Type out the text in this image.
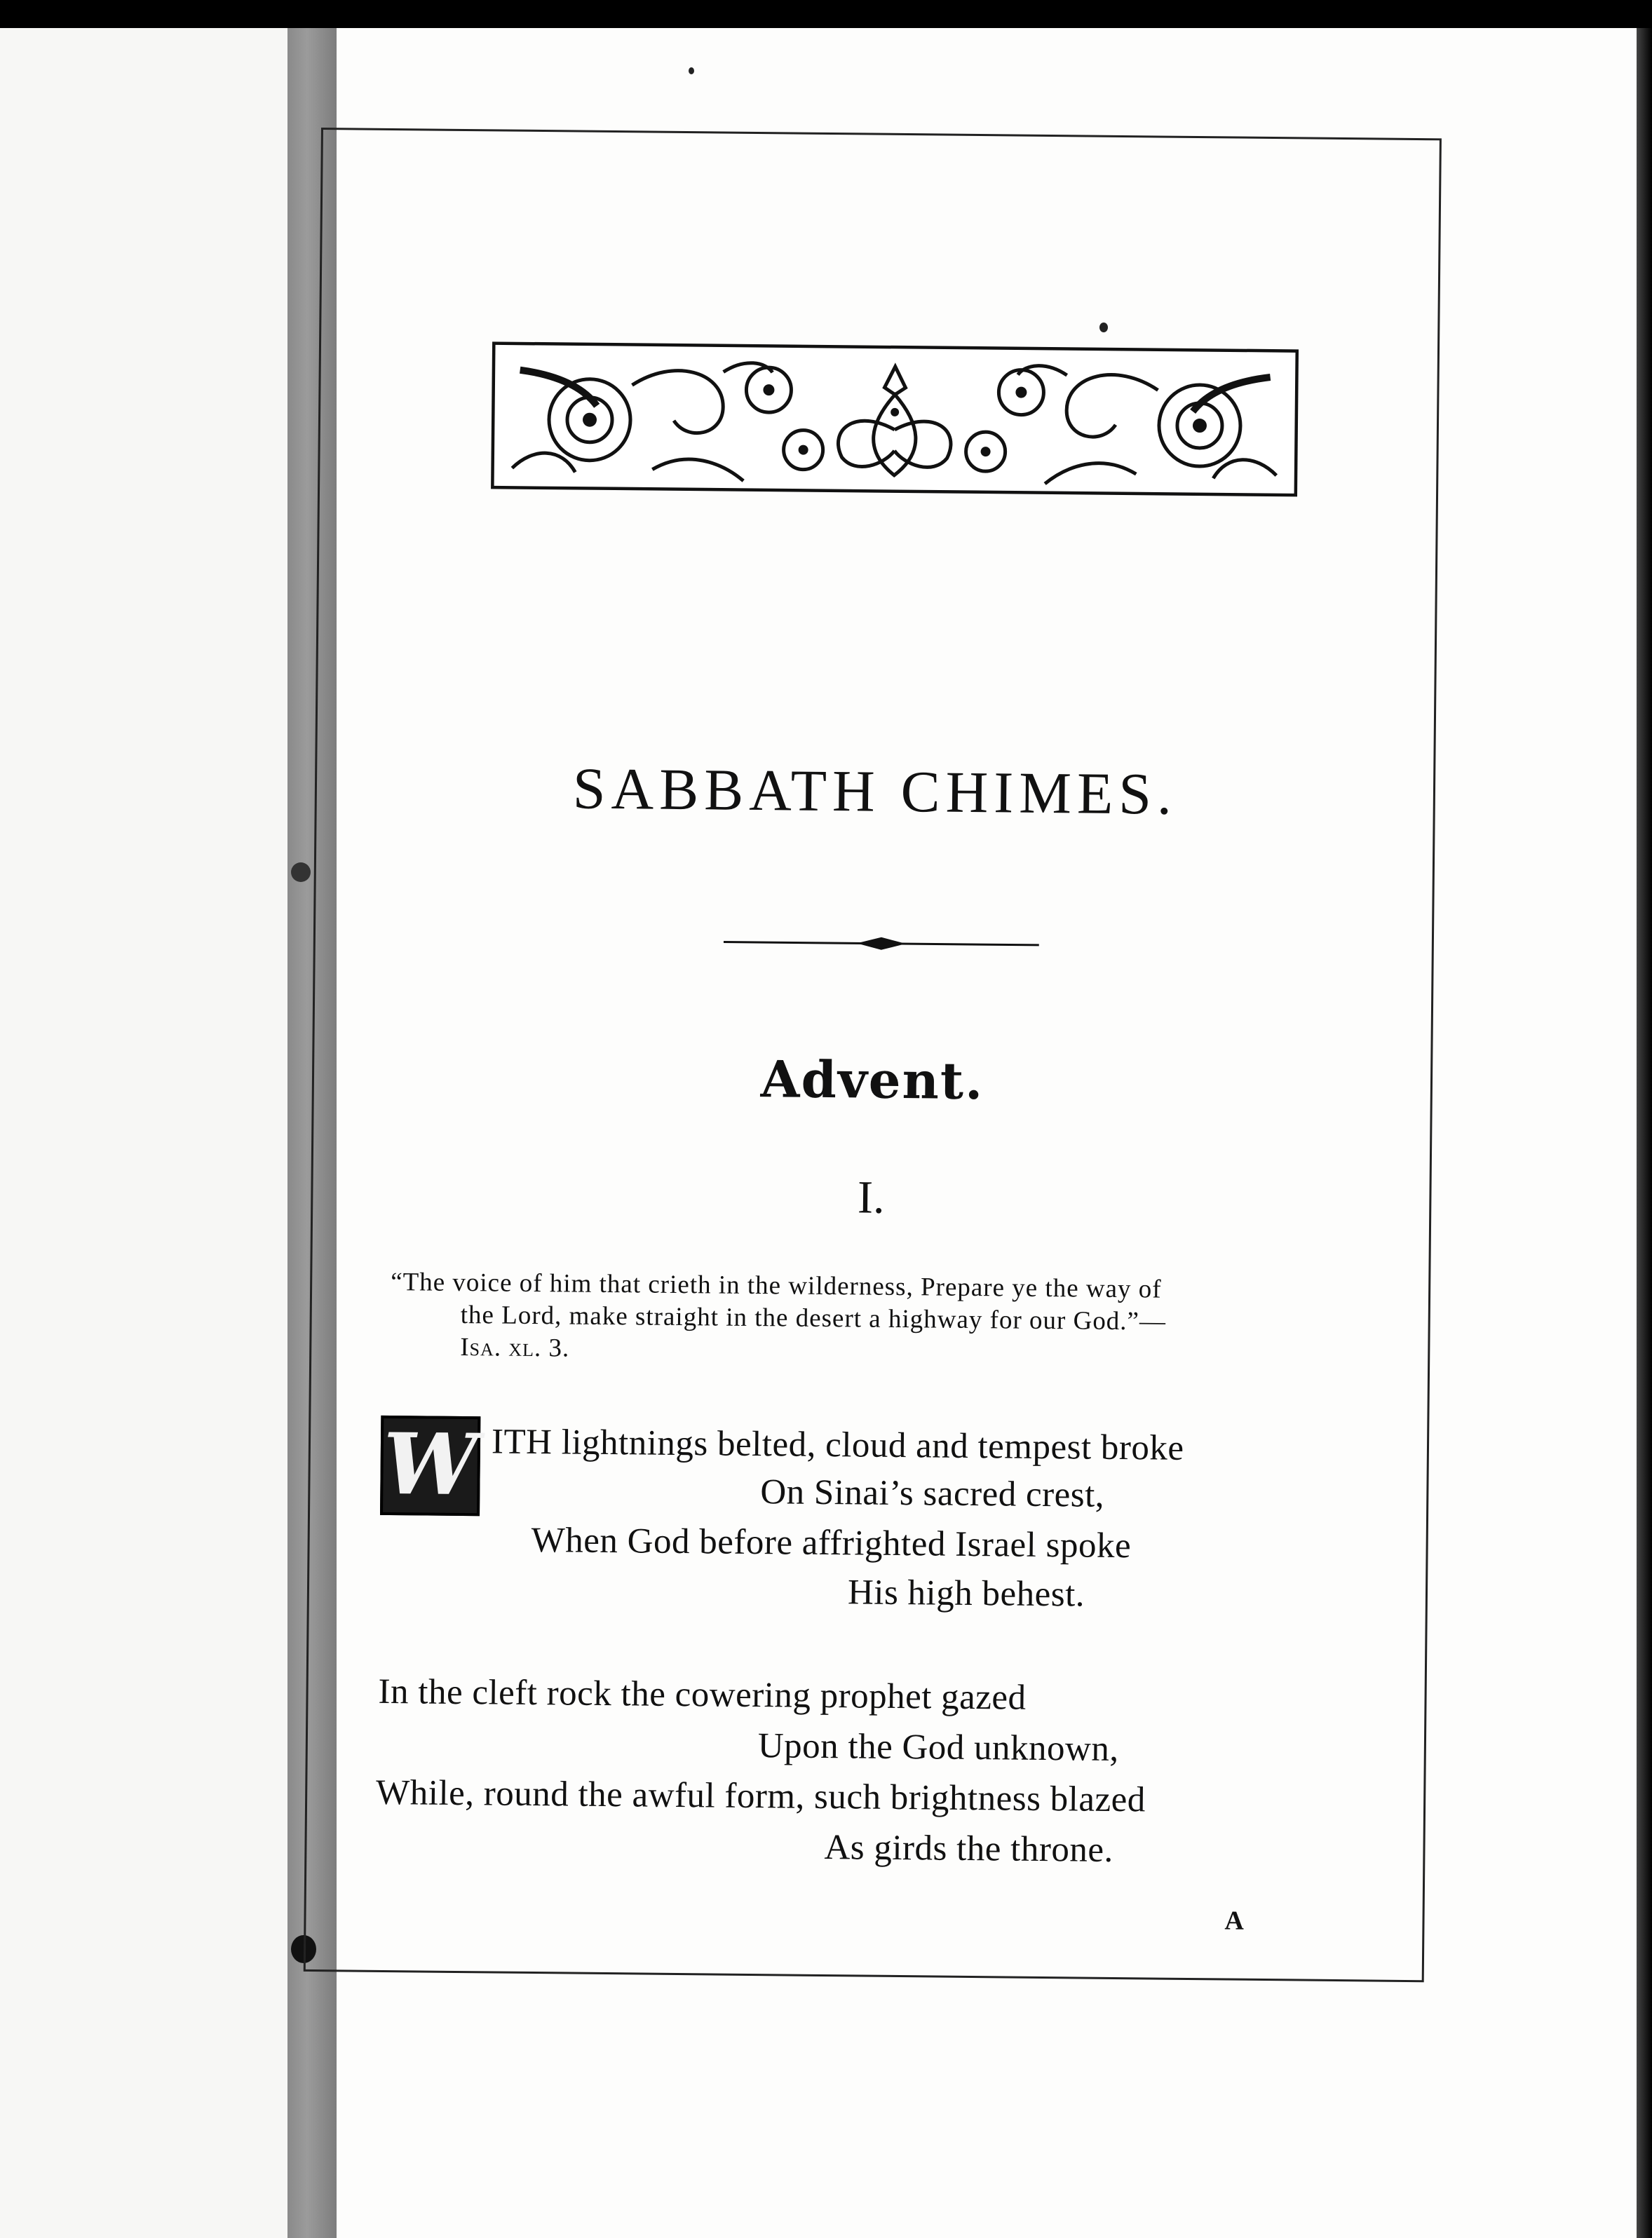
SABBATH CHIMES.
Advent.
I.
“The voice of him that crieth in the wilderness, Prepare ye the way of
the Lord, make straight in the desert a highway for our God.”—
Isa. xl. 3.
W ITH lightnings belted, cloud and tempest broke
On Sinai’s sacred crest,
When God before affrighted Israel spoke
His high behest.
In the cleft rock the cowering prophet gazed
Upon the God unknown,
While, round the awful form, such brightness blazed
As girds the throne.
A
